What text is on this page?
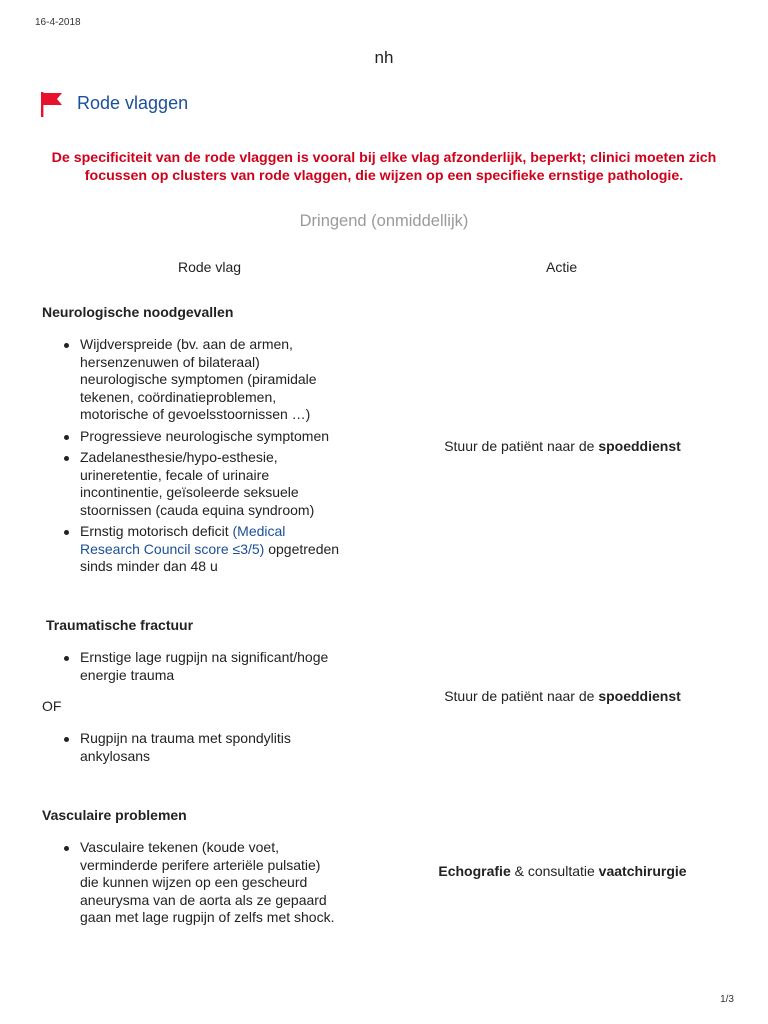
16-4-2018
nh
Rode vlaggen
De specificiteit van de rode vlaggen is vooral bij elke vlag afzonderlijk, beperkt; clinici moeten zich focussen op clusters van rode vlaggen, die wijzen op een specifieke ernstige pathologie.
Dringend (onmiddellijk)
Rode vlag	Actie
Neurologische noodgevallen
Wijdverspreide (bv. aan de armen, hersenzenuwen of bilateraal) neurologische symptomen (piramidale tekenen, coördinatieproblemen, motorische of gevoelsstoornissen …)
Progressieve neurologische symptomen
Zadelanesthesie/hypo-esthesie, urineretentie, fecale of urinaire incontinentie, geïsoleerde seksuele stoornissen (cauda equina syndroom)
Ernstig motorisch deficit (Medical Research Council score ≤3/5) opgetreden sinds minder dan 48 u
Stuur de patiënt naar de spoeddienst
Traumatische fractuur
Ernstige lage rugpijn na significant/hoge energie trauma
OF
Rugpijn na trauma met spondylitis ankylosans
Stuur de patiënt naar de spoeddienst
Vasculaire problemen
Vasculaire tekenen (koude voet, verminderde perifere arteriële pulsatie) die kunnen wijzen op een gescheurd aneurysma van de aorta als ze gepaard gaan met lage rugpijn of zelfs met shock.
Echografie & consultatie vaatchirurgie
1/3
